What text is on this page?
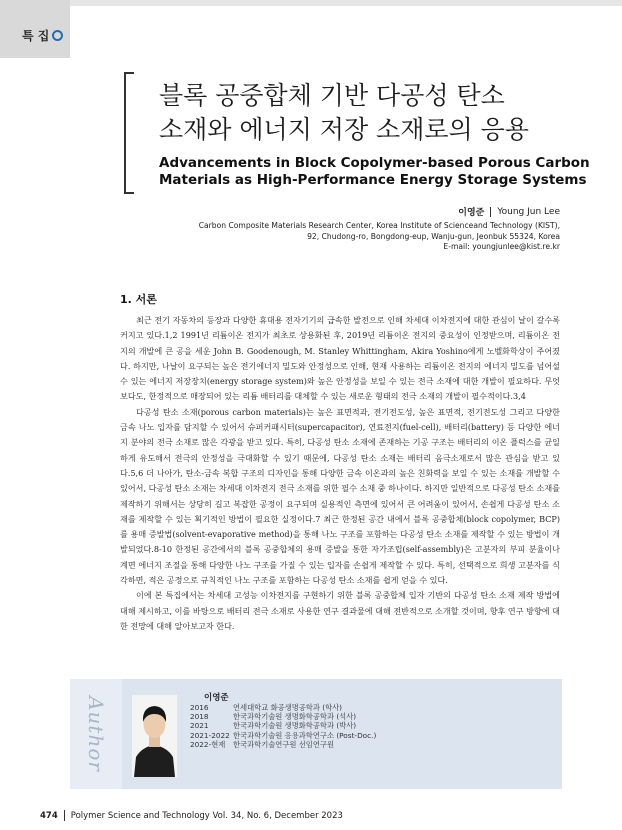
특 집
블록 공중합체 기반 다공성 탄소
소재와 에너지 저장 소재로의 응용
Advancements in Block Copolymer-based Porous Carbon
Materials as High-Performance Energy Storage Systems
이영준 Young Jun Lee
Carbon Composite Materials Research Center, Korea Institute of Scienceand Technology (KIST),
92, Chudong-ro, Bongdong-eup, Wanju-gun, Jeonbuk 55324, Korea
E-mail: youngjunlee@kist.re.kr
1. 서론

최근 전기 자동차의 등장과 다양한 휴대용 전자기기의 급속한 발전으로 인해 차세대 이차전지에 대한 관심이 날이 갈수록 커지고 있다.1,2 1991년 리튬이온 전지가 최초로 상용화된 후, 2019년 리튬이온 전지의 중요성이 인정받으며, 리튬이온 전지의 개발에 큰 공을 세운 John B. Goodenough, M. Stanley Whittingham, Akira Yoshino에게 노벨화학상이 주어졌다. 하지만, 나날이 요구되는 높은 전기에너지 밀도와 안정성으로 인해, 현재 사용하는 리튬이온 전지의 에너지 밀도를 넘어설 수 있는 에너지 저장장치(energy storage system)와 높은 안정성을 보일 수 있는 전극 소재에 대한 개발이 필요하다. 무엇보다도, 한정적으로 매장되어 있는 리튬 배터리를 대체할 수 있는 새로운 형태의 전극 소재의 개발이 필수적이다.3,4

다공성 탄소 소재(porous carbon materials)는 높은 표면적과, 전기전도성, 높은 표면적, 전기전도성 그리고 다양한 금속 나노 입자를 담지할 수 있어서 슈퍼커패시터(supercapacitor), 연료전지(fuel-cell), 배터리(battery) 등 다양한 에너지 분야의 전극 소재로 많은 각광을 받고 있다. 특히, 다공성 탄소 소재에 존재하는 기공 구조는 배터리의 이온 플럭스를 균일하게 유도해서 전극의 안정성을 극대화할 수 있기 때문에, 다공성 탄소 소재는 배터리 음극소재로서 많은 관심을 받고 있다.5,6 더 나아가, 탄소-금속 복합 구조의 디자인을 통해 다양한 금속 이온과의 높은 친화력을 보일 수 있는 소재를 개발할 수 있어서, 다공성 탄소 소재는 차세대 이차전지 전극 소재를 위한 필수 소재 중 하나이다. 하지만 일반적으로 다공성 탄소 소재를 제작하기 위해서는 상당히 길고 복잡한 공정이 요구되며 실용적인 측면에 있어서 큰 어려움이 있어서, 손쉽게 다공성 탄소 소재를 제작할 수 있는 획기적인 방법이 필요한 실정이다.7 최근 한정된 공간 내에서 블록 공중합체(block copolymer, BCP)를 용매 증발법(solvent-evaporative method)을 통해 나노 구조를 포함하는 다공성 탄소 소재를 제작할 수 있는 방법이 개발되었다.8-10 한정된 공간에서의 블록 공중합체의 용매 증발을 통한 자가조립(self-assembly)은 고분자의 부피 분율이나 계면 에너지 조절을 통해 다양한 나노 구조를 가질 수 있는 입자를 손쉽게 제작할 수 있다. 특히, 선택적으로 희생 고분자를 식각하면, 적은 공정으로 규칙적인 나노 구조를 포함하는 다공성 탄소 소재를 쉽게 얻을 수 있다.

이에 본 특집에서는 차세대 고성능 이차전지를 구현하기 위한 블록 공중합체 입자 기반의 다공성 탄소 소재 제작 방법에 대해 제시하고, 이를 바탕으로 배터리 전극 소재로 사용한 연구 결과물에 대해 전반적으로 소개할 것이며, 향후 연구 방향에 대한 전망에 대해 알아보고자 한다.

Author	이영준
2016	연세대학교 화공생명공학과 (학사)
2018	한국과학기술원 생명화학공학과 (석사)
2021	한국과학기술원 생명화학공학과 (박사)
2021-2022 한국과학기술원 응용과학연구소 (Post-Doc.)
2022-현재	한국과학기술연구원 선임연구원
474 Polymer Science and Technology Vol. 34, No. 6, December 2023
